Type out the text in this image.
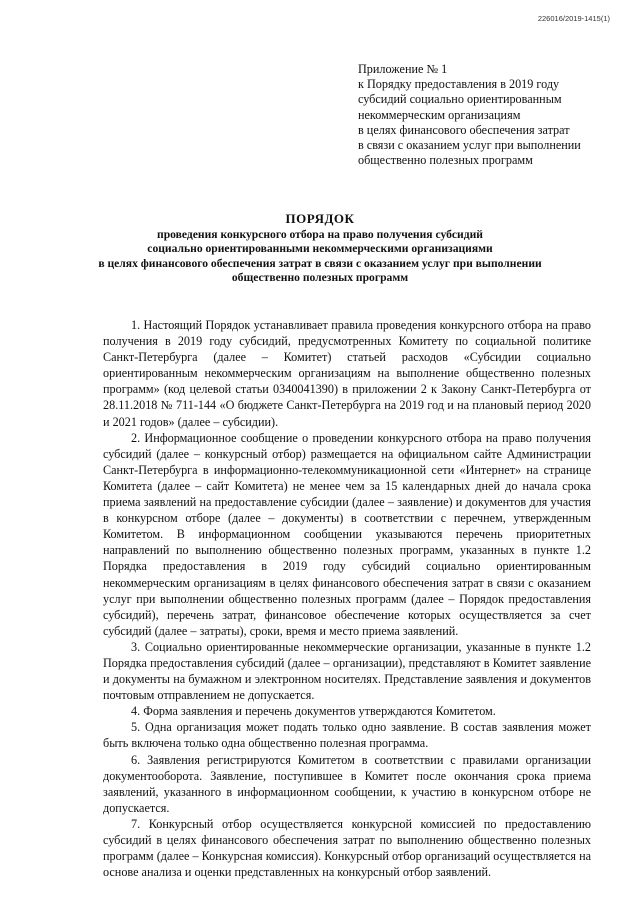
226016/2019-1415(1)
Приложение № 1
к Порядку предоставления в 2019 году
субсидий социально ориентированным
некоммерческим организациям
в целях финансового обеспечения затрат
в связи с оказанием услуг при выполнении
общественно полезных программ
ПОРЯДОК
проведения конкурсного отбора на право получения субсидий
социально ориентированными некоммерческими организациями
в целях финансового обеспечения затрат в связи с оказанием услуг при выполнении
общественно полезных программ

1. Настоящий Порядок устанавливает правила проведения конкурсного отбора на право получения в 2019 году субсидий, предусмотренных Комитету по социальной политике Санкт-Петербурга (далее – Комитет) статьей расходов «Субсидии социально ориентированным некоммерческим организациям на выполнение общественно полезных программ» (код целевой статьи 0340041390) в приложении 2 к Закону Санкт-Петербурга от 28.11.2018 № 711-144 «О бюджете Санкт-Петербурга на 2019 год и на плановый период 2020 и 2021 годов» (далее – субсидии).

2. Информационное сообщение о проведении конкурсного отбора на право получения субсидий (далее – конкурсный отбор) размещается на официальном сайте Администрации Санкт-Петербурга в информационно-телекоммуникационной сети «Интернет» на странице Комитета (далее – сайт Комитета) не менее чем за 15 календарных дней до начала срока приема заявлений на предоставление субсидии (далее – заявление) и документов для участия в конкурсном отборе (далее – документы) в соответствии с перечнем, утвержденным Комитетом. В информационном сообщении указываются перечень приоритетных направлений по выполнению общественно полезных программ, указанных в пункте 1.2 Порядка предоставления в 2019 году субсидий социально ориентированным некоммерческим организациям в целях финансового обеспечения затрат в связи с оказанием услуг при выполнении общественно полезных программ (далее – Порядок предоставления субсидий), перечень затрат, финансовое обеспечение которых осуществляется за счет субсидий (далее – затраты), сроки, время и место приема заявлений.

3. Социально ориентированные некоммерческие организации, указанные в пункте 1.2 Порядка предоставления субсидий (далее – организации), представляют в Комитет заявление и документы на бумажном и электронном носителях. Представление заявления и документов почтовым отправлением не допускается.

4. Форма заявления и перечень документов утверждаются Комитетом.

5. Одна организация может подать только одно заявление. В состав заявления может быть включена только одна общественно полезная программа.

6. Заявления регистрируются Комитетом в соответствии с правилами организации документооборота. Заявление, поступившее в Комитет после окончания срока приема заявлений, указанного в информационном сообщении, к участию в конкурсном отборе не допускается.

7. Конкурсный отбор осуществляется конкурсной комиссией по предоставлению субсидий в целях финансового обеспечения затрат по выполнению общественно полезных программ (далее – Конкурсная комиссия). Конкурсный отбор организаций осуществляется на основе анализа и оценки представленных на конкурсный отбор заявлений.
